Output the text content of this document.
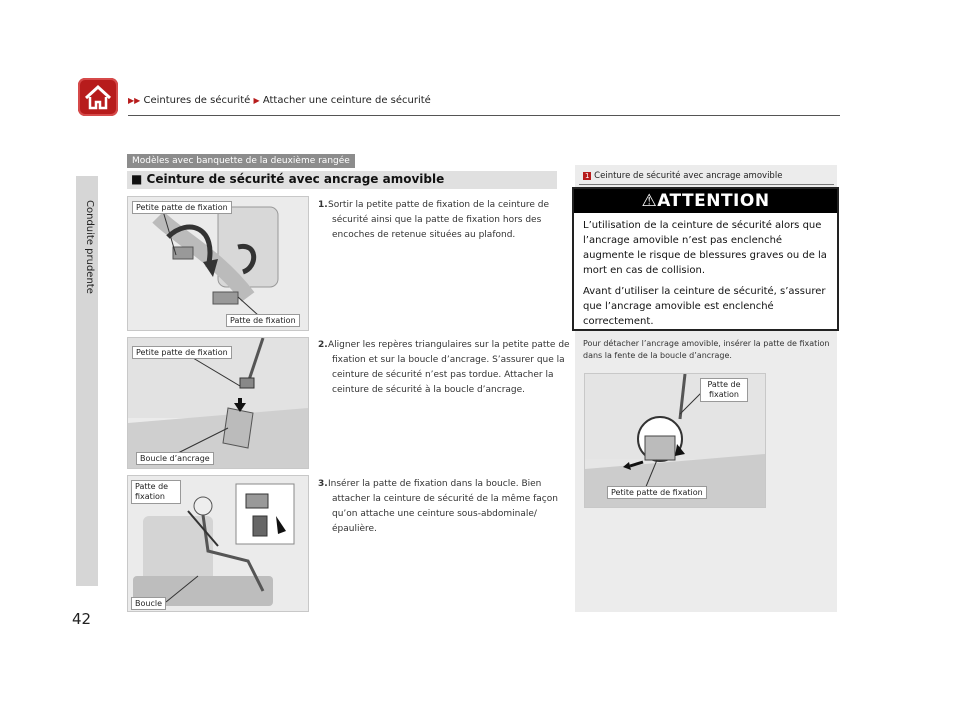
▶▶ Ceintures de sécurité ▶ Attacher une ceinture de sécurité
Conduite prudente
42
Modèles avec banquette de la deuxième rangée
■ Ceinture de sécurité avec ancrage amovible
Petite patte de fixation
Patte de fixation
Petite patte de fixation
Boucle d’ancrage
Patte de fixation
Boucle
1.Sortir la petite patte de fixation de la ceinture de sécurité ainsi que la patte de fixation hors des encoches de retenue situées au plafond.
2.Aligner les repères triangulaires sur la petite patte de fixation et sur la boucle d’ancrage. S’assurer que la ceinture de sécurité n’est pas tordue. Attacher la ceinture de sécurité à la boucle d’ancrage.
3.Insérer la patte de fixation dans la boucle. Bien attacher la ceinture de sécurité de la même façon qu’on attache une ceinture sous-abdominale/épaulière.
1 Ceinture de sécurité avec ancrage amovible
⚠ATTENTION

L’utilisation de la ceinture de sécurité alors que l’ancrage amovible n’est pas enclenché augmente le risque de blessures graves ou de la mort en cas de collision.

Avant d’utiliser la ceinture de sécurité, s’assurer que l’ancrage amovible est enclenché correctement.

Pour détacher l’ancrage amovible, insérer la patte de fixation dans la fente de la boucle d’ancrage.
Patte de fixation
Petite patte de fixation
